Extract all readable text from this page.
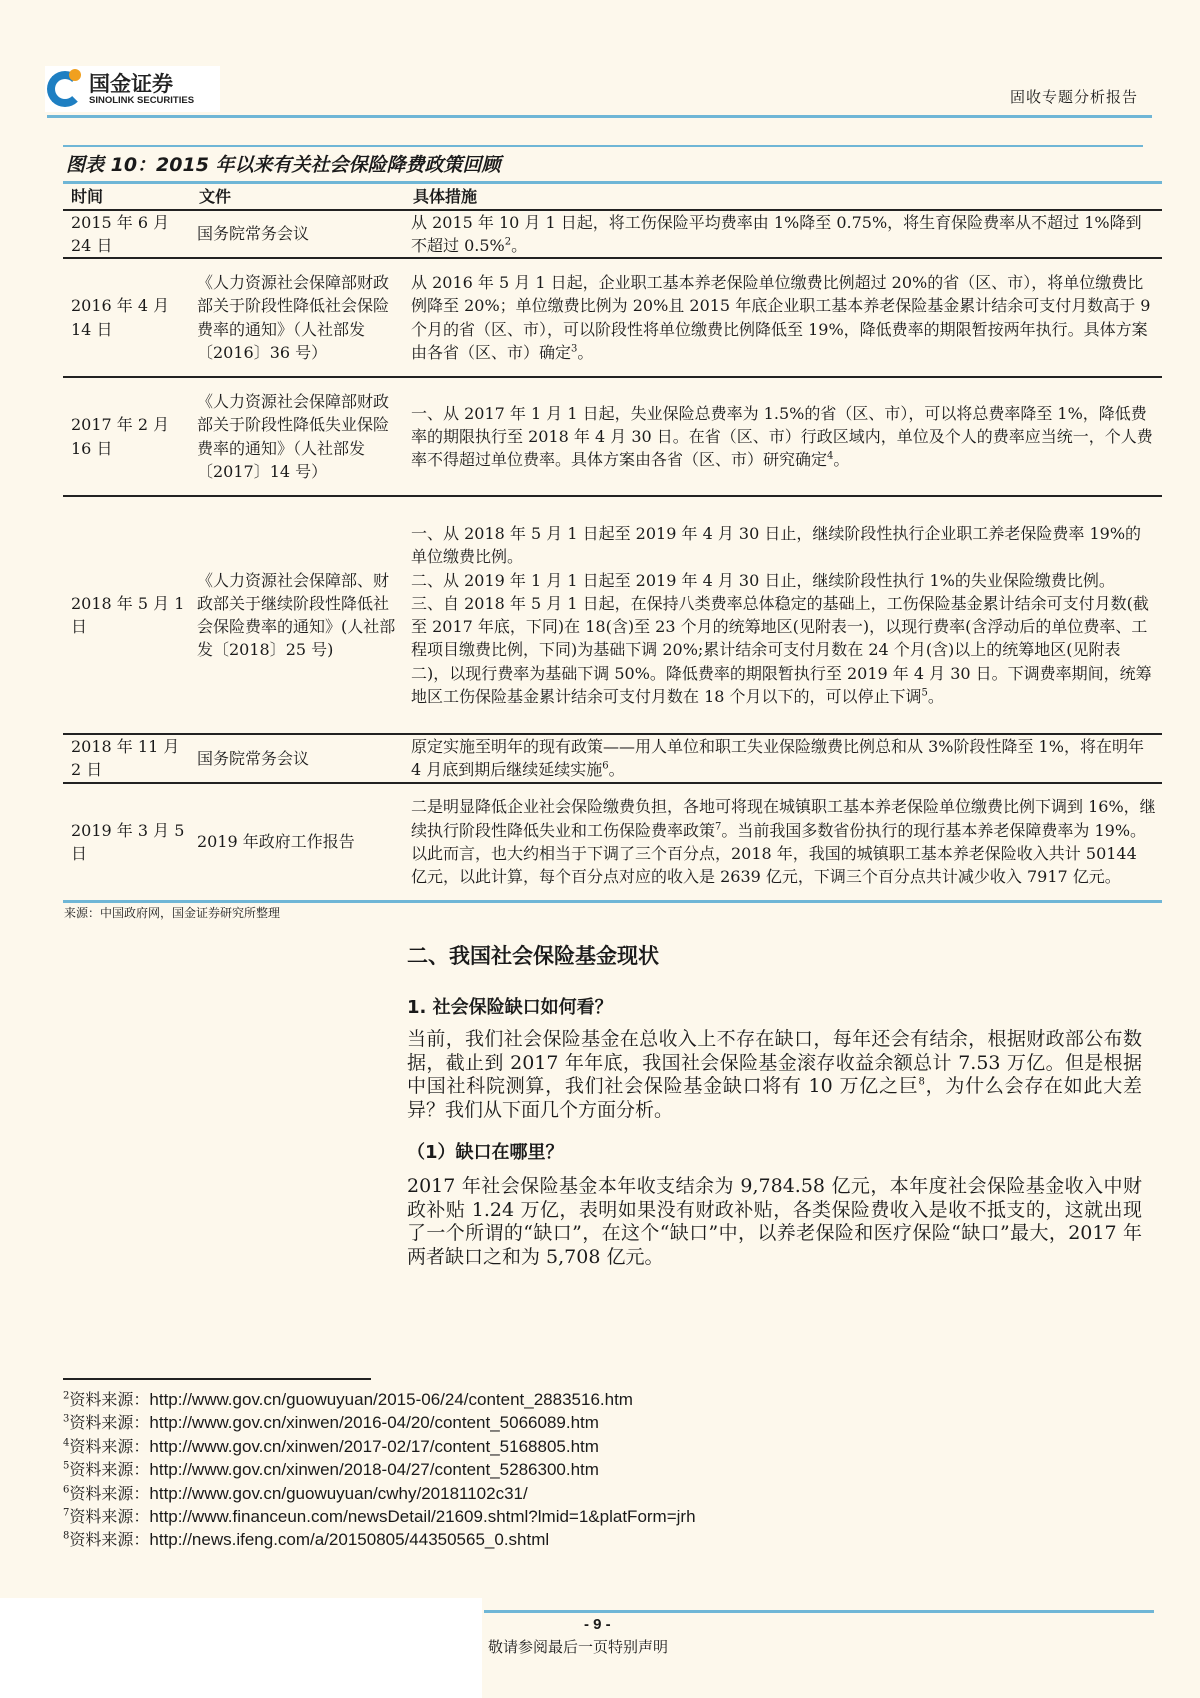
国金证券
SINOLINK SECURITIES	固收专题分析报告
图表 10：2015 年以来有关社会保险降费政策回顾
时间	文件	具体措施
2015 年 6 月 24 日	国务院常务会议	从 2015 年 10 月 1 日起，将工伤保险平均费率由 1%降至 0.75%，将生育保险费率从不超过 1%降到不超过 0.5%$^2$。
2016 年 4 月 14 日	《人力资源社会保障部财政部关于阶段性降低社会保险费率的通知》（人社部发〔2016〕36 号）	从 2016 年 5 月 1 日起，企业职工基本养老保险单位缴费比例超过 20%的省（区、市），将单位缴费比例降至 20%；单位缴费比例为 20%且 2015 年底企业职工基本养老保险基金累计结余可支付月数高于 9 个月的省（区、市），可以阶段性将单位缴费比例降低至 19%，降低费率的期限暂按两年执行。具体方案由各省（区、市）确定$^3$。
2017 年 2 月 16 日	《人力资源社会保障部财政部关于阶段性降低失业保险费率的通知》（人社部发〔2017〕14 号）	一、从 2017 年 1 月 1 日起，失业保险总费率为 1.5%的省（区、市），可以将总费率降至 1%，降低费率的期限执行至 2018 年 4 月 30 日。在省（区、市）行政区域内，单位及个人的费率应当统一，个人费率不得超过单位费率。具体方案由各省（区、市）研究确定$^4$。
2018 年 5 月 1 日	《人力资源社会保障部、财政部关于继续阶段性降低社会保险费率的通知》(人社部发〔2018〕25 号)	一、从 2018 年 5 月 1 日起至 2019 年 4 月 30 日止，继续阶段性执行企业职工养老保险费率 19%的单位缴费比例。
二、从 2019 年 1 月 1 日起至 2019 年 4 月 30 日止，继续阶段性执行 1%的失业保险缴费比例。
三、自 2018 年 5 月 1 日起，在保持八类费率总体稳定的基础上，工伤保险基金累计结余可支付月数(截至 2017 年底，下同)在 18(含)至 23 个月的统筹地区(见附表一)，以现行费率(含浮动后的单位费率、工程项目缴费比例，下同)为基础下调 20%;累计结余可支付月数在 24 个月(含)以上的统筹地区(见附表二)，以现行费率为基础下调 50%。降低费率的期限暂执行至 2019 年 4 月 30 日。下调费率期间，统筹地区工伤保险基金累计结余可支付月数在 18 个月以下的，可以停止下调$^5$。

2018 年 11 月 2 日	国务院常务会议	原定实施至明年的现有政策——用人单位和职工失业保险缴费比例总和从 3%阶段性降至 1%，将在明年 4 月底到期后继续延续实施$^6$。
2019 年 3 月 5 日	2019 年政府工作报告	二是明显降低企业社会保险缴费负担，各地可将现在城镇职工基本养老保险单位缴费比例下调到 16%，继续执行阶段性降低失业和工伤保险费率政策$^7$。当前我国多数省份执行的现行基本养老保障费率为 19%。以此而言，也大约相当于下调了三个百分点，2018 年，我国的城镇职工基本养老保险收入共计 50144 亿元，以此计算，每个百分点对应的收入是 2639 亿元，下调三个百分点共计减少收入 7917 亿元。
来源：中国政府网，国金证券研究所整理
二、我国社会保险基金现状
1. 社会保险缺口如何看？
当前，我们社会保险基金在总收入上不存在缺口，每年还会有结余，根据财政部公布数据，截止到 2017 年年底，我国社会保险基金滚存收益余额总计 7.53 万亿。但是根据中国社科院测算，我们社会保险基金缺口将有 10 万亿之巨$^8$，为什么会存在如此大差异？我们从下面几个方面分析。
（1）缺口在哪里？
2017 年社会保险基金本年收支结余为 9,784.58 亿元，本年度社会保险基金收入中财政补贴 1.24 万亿，表明如果没有财政补贴，各类保险费收入是收不抵支的，这就出现了一个所谓的“缺口”，在这个“缺口”中，以养老保险和医疗保险“缺口”最大，2017 年两者缺口之和为 5,708 亿元。
$^2$资料来源：http://www.gov.cn/guowuyuan/2015-06/24/content_2883516.htm
$^3$资料来源：http://www.gov.cn/xinwen/2016-04/20/content_5066089.htm
$^4$资料来源：http://www.gov.cn/xinwen/2017-02/17/content_5168805.htm
$^5$资料来源：http://www.gov.cn/xinwen/2018-04/27/content_5286300.htm
$^6$资料来源：http://www.gov.cn/guowuyuan/cwhy/20181102c31/
$^7$资料来源：http://www.financeun.com/newsDetail/21609.shtml?lmid=1&platForm=jrh
$^8$资料来源：http://news.ifeng.com/a/20150805/44350565_0.shtml
- 9 -
敬请参阅最后一页特别声明
